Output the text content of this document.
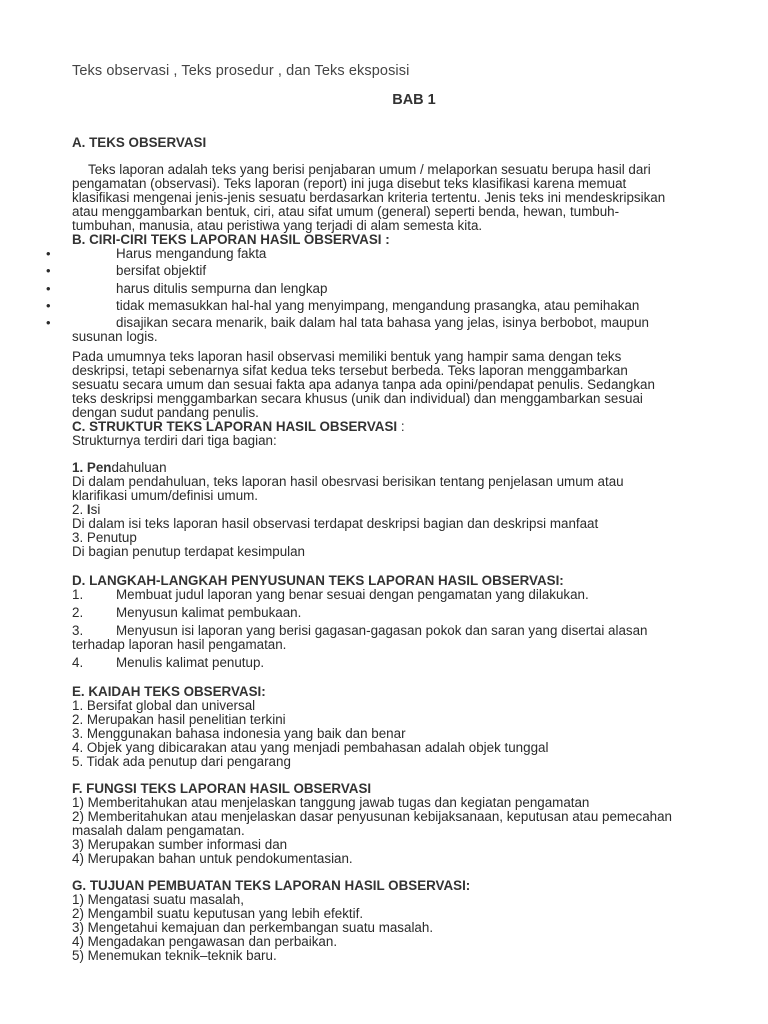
Teks observasi , Teks prosedur , dan Teks eksposisi
BAB 1
A. TEKS OBSERVASI
Teks laporan adalah teks yang berisi penjabaran umum / melaporkan sesuatu berupa hasil dari
pengamatan (observasi). Teks laporan (report) ini juga disebut teks klasifikasi karena memuat
klasifikasi mengenai jenis-jenis sesuatu berdasarkan kriteria tertentu. Jenis teks ini mendeskripsikan
atau menggambarkan bentuk, ciri, atau sifat umum (general) seperti benda, hewan, tumbuh-
tumbuhan, manusia, atau peristiwa yang terjadi di alam semesta kita.
B. CIRI-CIRI TEKS LAPORAN HASIL OBSERVASI :
• Harus mengandung fakta
• bersifat objektif
• harus ditulis sempurna dan lengkap
• tidak memasukkan hal-hal yang menyimpang, mengandung prasangka, atau pemihakan
• disajikan secara menarik, baik dalam hal tata bahasa yang jelas, isinya berbobot, maupun
susunan logis.
Pada umumnya teks laporan hasil observasi memiliki bentuk yang hampir sama dengan teks
deskripsi, tetapi sebenarnya sifat kedua teks tersebut berbeda. Teks laporan menggambarkan
sesuatu secara umum dan sesuai fakta apa adanya tanpa ada opini/pendapat penulis. Sedangkan
teks deskripsi menggambarkan secara khusus (unik dan individual) dan menggambarkan sesuai
dengan sudut pandang penulis.
C. STRUKTUR TEKS LAPORAN HASIL OBSERVASI :
Strukturnya terdiri dari tiga bagian:
1. Pendahuluan
Di dalam pendahuluan, teks laporan hasil obesrvasi berisikan tentang penjelasan umum atau
klarifikasi umum/definisi umum.
2. Isi
Di dalam isi teks laporan hasil observasi terdapat deskripsi bagian dan deskripsi manfaat
3. Penutup
Di bagian penutup terdapat kesimpulan
D. LANGKAH-LANGKAH PENYUSUNAN TEKS LAPORAN HASIL OBSERVASI:
1. Membuat judul laporan yang benar sesuai dengan pengamatan yang dilakukan.
2. Menyusun kalimat pembukaan.
3. Menyusun isi laporan yang berisi gagasan-gagasan pokok dan saran yang disertai alasan
terhadap laporan hasil pengamatan.
4. Menulis kalimat penutup.
E. KAIDAH TEKS OBSERVASI:
1. Bersifat global dan universal
2. Merupakan hasil penelitian terkini
3. Menggunakan bahasa indonesia yang baik dan benar
4. Objek yang dibicarakan atau yang menjadi pembahasan adalah objek tunggal
5. Tidak ada penutup dari pengarang
F. FUNGSI TEKS LAPORAN HASIL OBSERVASI
1) Memberitahukan atau menjelaskan tanggung jawab tugas dan kegiatan pengamatan
2) Memberitahukan atau menjelaskan dasar penyusunan kebijaksanaan, keputusan atau pemecahan
masalah dalam pengamatan.
3) Merupakan sumber informasi dan
4) Merupakan bahan untuk pendokumentasian.
G. TUJUAN PEMBUATAN TEKS LAPORAN HASIL OBSERVASI:
1) Mengatasi suatu masalah,
2) Mengambil suatu keputusan yang lebih efektif.
3) Mengetahui kemajuan dan perkembangan suatu masalah.
4) Mengadakan pengawasan dan perbaikan.
5) Menemukan teknik–teknik baru.
